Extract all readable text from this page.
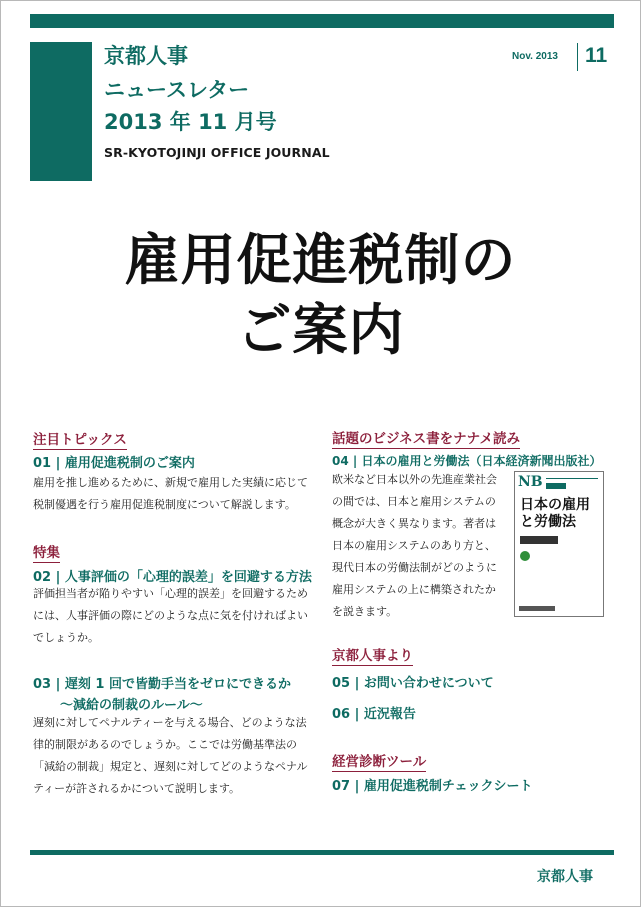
京都人事
ニュースレター
2013 年 11 月号
SR-KYOTOJINJI OFFICE JOURNAL
Nov. 2013 11
雇用促進税制の
ご案内
注目トピックス
01 | 雇用促進税制のご案内
雇用を推し進めるために、新規で雇用した実績に応じて税制優遇を行う雇用促進税制度について解説します。
特集
02 | 人事評価の「心理的誤差」を回避する方法
評価担当者が陥りやすい「心理的誤差」を回避するためには、人事評価の際にどのような点に気を付ければよいでしょうか。
03 | 遅刻 1 回で皆勤手当をゼロにできるか
〜減給の制裁のルール〜
遅刻に対してペナルティーを与える場合、どのような法律的制限があるのでしょうか。ここでは労働基準法の「減給の制裁」規定と、遅刻に対してどのようなペナルティーが許されるかについて説明します。
話題のビジネス書をナナメ読み
04 | 日本の雇用と労働法（日本経済新聞出版社）
欧米など日本以外の先進産業社会の間では、日本と雇用システムの概念が大きく異なります。著者は日本の雇用システムのあり方と、現代日本の労働法制がどのように雇用システムの上に構築されたかを説きます。
NB
日本の雇用と労働法
京都人事より
05 | お問い合わせについて
06 | 近況報告
経営診断ツール
07 | 雇用促進税制チェックシート
京都人事
